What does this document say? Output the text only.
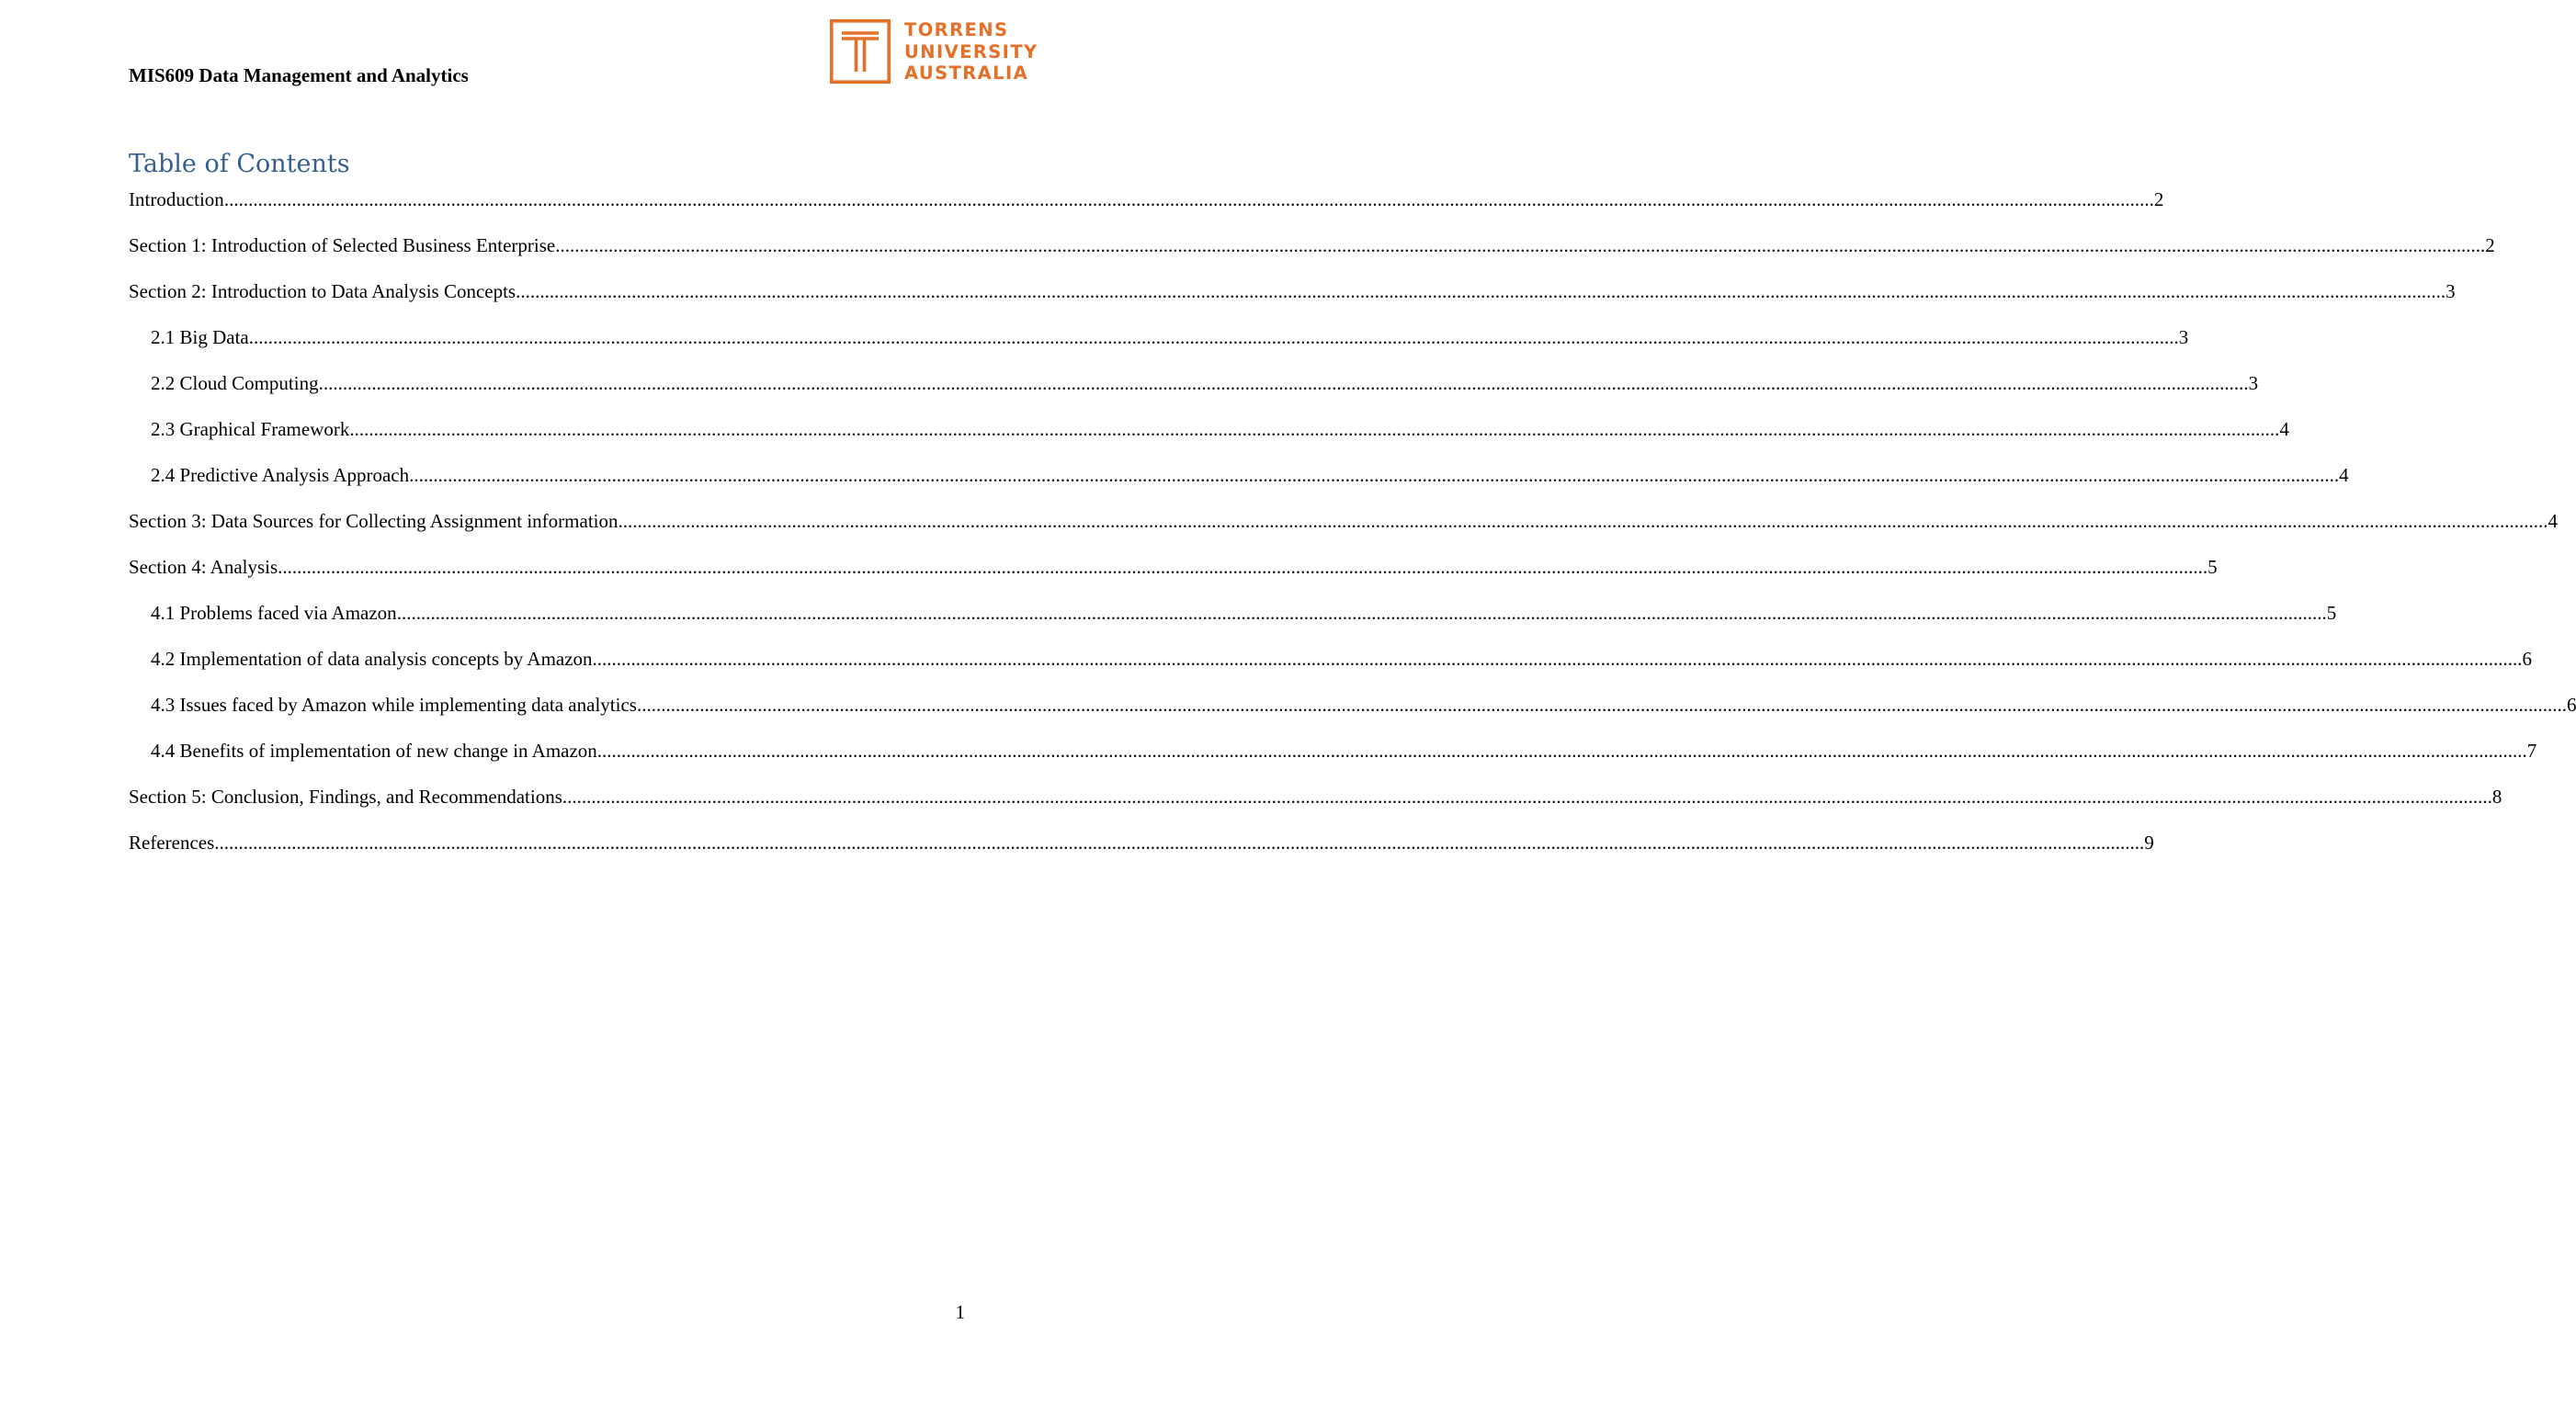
MIS609 Data Management and Analytics
TORRENS
UNIVERSITY
AUSTRALIA
Table of Contents
Introduction ................................................................................................................................................................................................................................................................................................................................................................................................................ 2
Section 1: Introduction of Selected Business Enterprise ................................................................................................................................................................................................................................................................................................................................................................................................................ 2
Section 2: Introduction to Data Analysis Concepts ................................................................................................................................................................................................................................................................................................................................................................................................................ 3
2.1 Big Data ................................................................................................................................................................................................................................................................................................................................................................................................................ 3
2.2 Cloud Computing ................................................................................................................................................................................................................................................................................................................................................................................................................ 3
2.3 Graphical Framework ................................................................................................................................................................................................................................................................................................................................................................................................................ 4
2.4 Predictive Analysis Approach ................................................................................................................................................................................................................................................................................................................................................................................................................ 4
Section 3: Data Sources for Collecting Assignment information ................................................................................................................................................................................................................................................................................................................................................................................................................ 4
Section 4: Analysis ................................................................................................................................................................................................................................................................................................................................................................................................................ 5
4.1 Problems faced via Amazon ................................................................................................................................................................................................................................................................................................................................................................................................................ 5
4.2 Implementation of data analysis concepts by Amazon ................................................................................................................................................................................................................................................................................................................................................................................................................ 6
4.3 Issues faced by Amazon while implementing data analytics ................................................................................................................................................................................................................................................................................................................................................................................................................ 6
4.4 Benefits of implementation of new change in Amazon ................................................................................................................................................................................................................................................................................................................................................................................................................ 7
Section 5: Conclusion, Findings, and Recommendations ................................................................................................................................................................................................................................................................................................................................................................................................................ 8
References ................................................................................................................................................................................................................................................................................................................................................................................................................ 9
1
